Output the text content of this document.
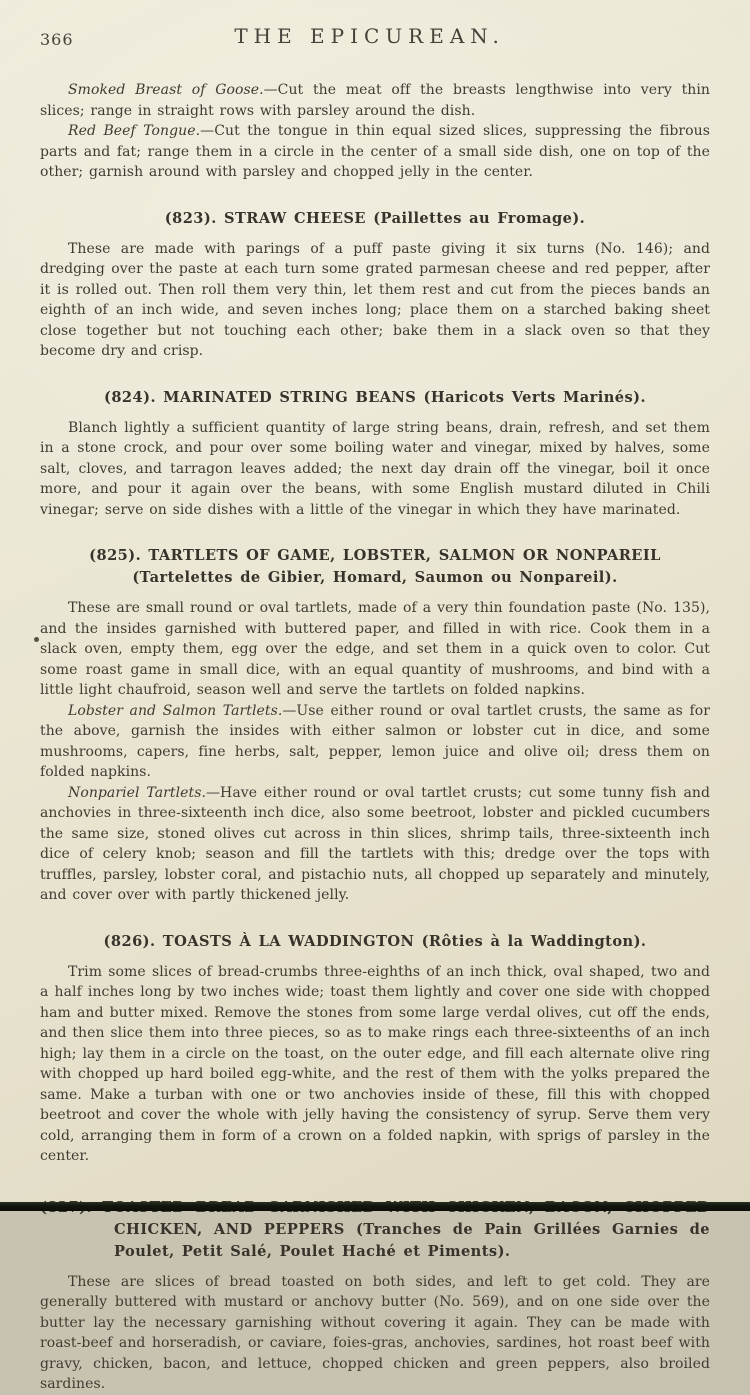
366	THE EPICUREAN.

Smoked Breast of Goose.—Cut the meat off the breasts lengthwise into very thin slices; range in straight rows with parsley around the dish.

Red Beef Tongue.—Cut the tongue in thin equal sized slices, suppressing the fibrous parts and fat; range them in a circle in the center of a small side dish, one on top of the other; garnish around with parsley and chopped jelly in the center.

(823). STRAW CHEESE (Paillettes au Fromage).

These are made with parings of a puff paste giving it six turns (No. 146); and dredging over the paste at each turn some grated parmesan cheese and red pepper, after it is rolled out. Then roll them very thin, let them rest and cut from the pieces bands an eighth of an inch wide, and seven inches long; place them on a starched baking sheet close together but not touching each other; bake them in a slack oven so that they become dry and crisp.

(824). MARINATED STRING BEANS (Haricots Verts Marinés).

Blanch lightly a sufficient quantity of large string beans, drain, refresh, and set them in a stone crock, and pour over some boiling water and vinegar, mixed by halves, some salt, cloves, and tarragon leaves added; the next day drain off the vinegar, boil it once more, and pour it again over the beans, with some English mustard diluted in Chili vinegar; serve on side dishes with a little of the vinegar in which they have marinated.

(825). TARTLETS OF GAME, LOBSTER, SALMON OR NONPAREIL (Tartelettes de Gibier, Homard, Saumon ou Nonpareil).

These are small round or oval tartlets, made of a very thin foundation paste (No. 135), and the insides garnished with buttered paper, and filled in with rice. Cook them in a slack oven, empty them, egg over the edge, and set them in a quick oven to color. Cut some roast game in small dice, with an equal quantity of mushrooms, and bind with a little light chaufroid, season well and serve the tartlets on folded napkins.

Lobster and Salmon Tartlets.—Use either round or oval tartlet crusts, the same as for the above, garnish the insides with either salmon or lobster cut in dice, and some mushrooms, capers, fine herbs, salt, pepper, lemon juice and olive oil; dress them on folded napkins.

Nonpariel Tartlets.—Have either round or oval tartlet crusts; cut some tunny fish and anchovies in three-sixteenth inch dice, also some beetroot, lobster and pickled cucumbers the same size, stoned olives cut across in thin slices, shrimp tails, three-sixteenth inch dice of celery knob; season and fill the tartlets with this; dredge over the tops with truffles, parsley, lobster coral, and pistachio nuts, all chopped up separately and minutely, and cover over with partly thickened jelly.

(826). TOASTS À LA WADDINGTON (Rôties à la Waddington).

Trim some slices of bread-crumbs three-eighths of an inch thick, oval shaped, two and a half inches long by two inches wide; toast them lightly and cover one side with chopped ham and butter mixed. Remove the stones from some large verdal olives, cut off the ends, and then slice them into three pieces, so as to make rings each three-sixteenths of an inch high; lay them in a circle on the toast, on the outer edge, and fill each alternate olive ring with chopped up hard boiled egg-white, and the rest of them with the yolks prepared the same. Make a turban with one or two anchovies inside of these, fill this with chopped beetroot and cover the whole with jelly having the consistency of syrup. Serve them very cold, arranging them in form of a crown on a folded napkin, with sprigs of parsley in the center.

CHICKEN, AND PEPPERS (Tranches de Pain Grillées Garnies de Poulet, Petit Salé, Poulet Haché et Piments).

These are slices of bread toasted on both sides, and left to get cold. They are generally buttered with mustard or anchovy butter (No. 569), and on one side over the butter lay the necessary garnishing without covering it again. They can be made with roast-beef and horseradish, or caviare, foies-gras, anchovies, sardines, hot roast beef with gravy, chicken, bacon, and lettuce, chopped chicken and green peppers, also broiled sardines.
